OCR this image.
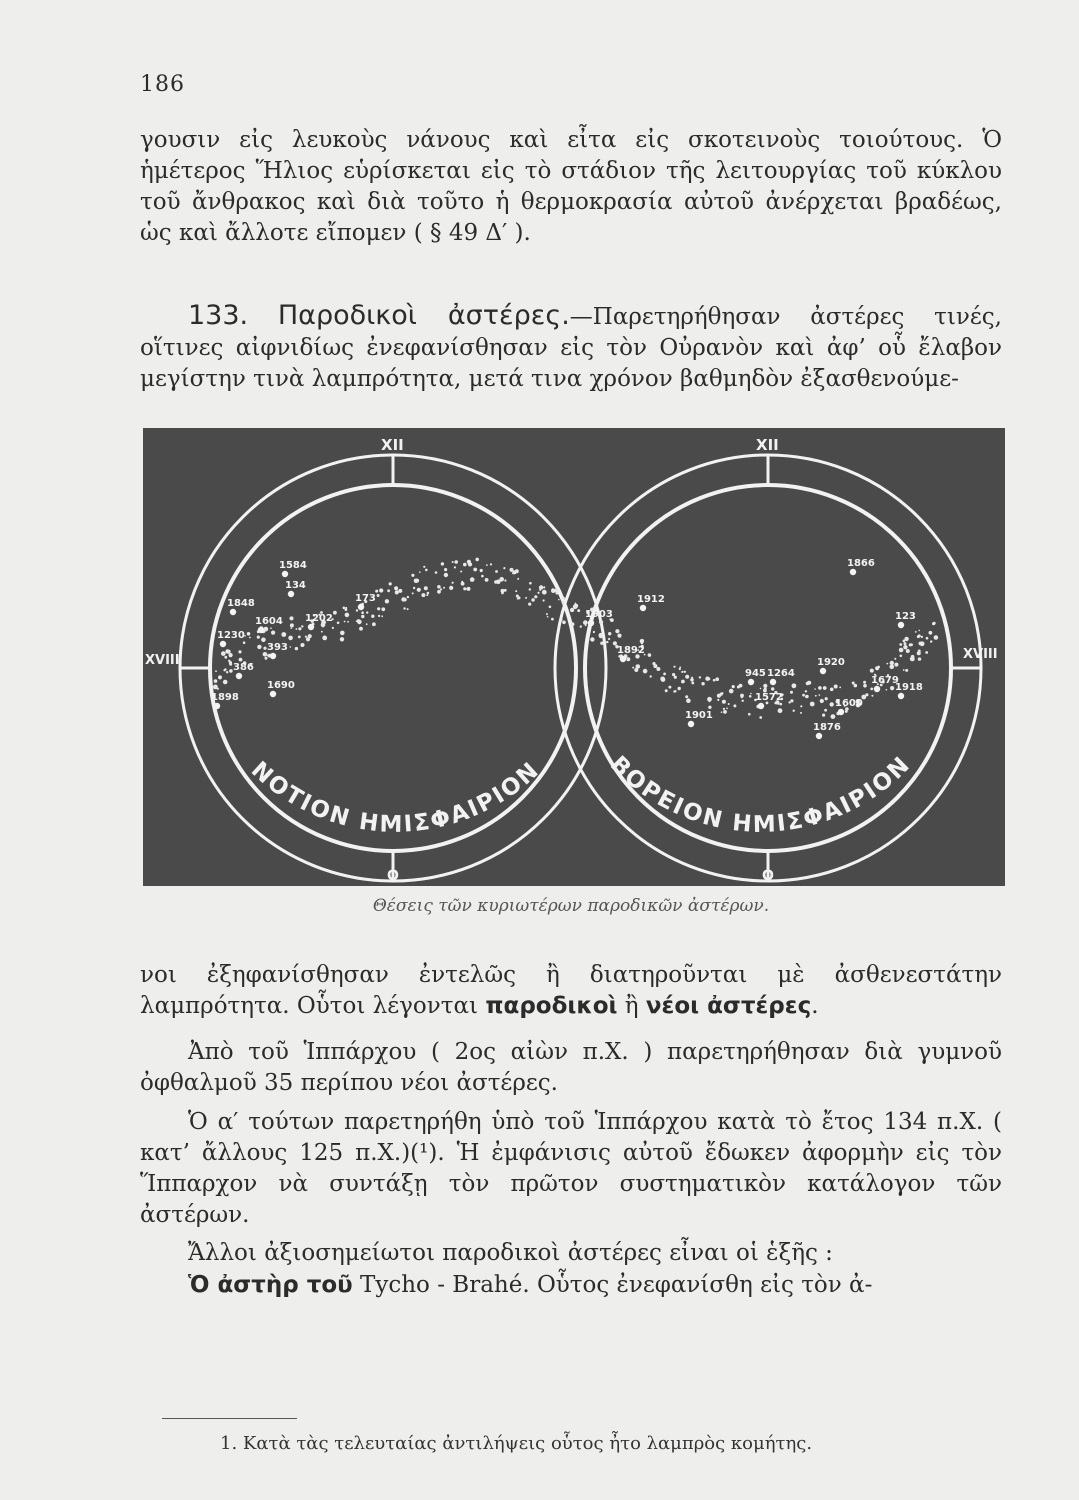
186

γουσιν εἰς λευκοὺς νάνους καὶ εἶτα εἰς σκοτεινοὺς τοιούτους. Ὁ ἡμέτερος Ἥλιος εὑρίσκεται εἰς τὸ στάδιον τῆς λειτουργίας τοῦ κύκλου τοῦ ἄνθρακος καὶ διὰ τοῦτο ἡ θερμοκρασία αὐτοῦ ἀνέρχεται βραδέως, ὡς καὶ ἄλλοτε εἴπομεν ( § 49 Δ′ ).

133. Παροδικοὶ ἀστέρες.—Παρετηρήθησαν ἀστέρες τινές, οἵτινες αἰφνιδίως ἐνεφανίσθησαν εἰς τὸν Οὐρανὸν καὶ ἀφ’ οὗ ἔλαβον μεγίστην τινὰ λαμπρότητα, μετά τινα χρόνον βαθμηδὸν ἐξασθενούμε-

XII	XII
XVIII	XVIII
O	O
ΝΟΤΙΟΝ ΗΜΙΣΦΑΙΡΙΟΝ	ΒΟΡΕΙΟΝ ΗΜΙΣΦΑΙΡΙΟΝ
1584
134
1848
1604 1202
173
1230
393
386
1898
1690
1866
1912
1903	123
1892
1920
945 1264
1572
1679
1918
1600
1901
1876
Θέσεις τῶν κυριωτέρων παροδικῶν ἀστέρων.

νοι ἐξηφανίσθησαν ἐντελῶς ἢ διατηροῦνται μὲ ἀσθενεστάτην λαμπρότητα. Οὗτοι λέγονται παροδικοὶ ἢ νέοι ἀστέρες.

Ἀπὸ τοῦ Ἱππάρχου ( 2ος αἰὼν π.Χ. ) παρετηρήθησαν διὰ γυμνοῦ ὀφθαλμοῦ 35 περίπου νέοι ἀστέρες.

Ὁ α′ τούτων παρετηρήθη ὑπὸ τοῦ Ἱππάρχου κατὰ τὸ ἔτος 134 π.Χ. ( κατ’ ἄλλους 125 π.Χ.)(¹). Ἡ ἐμφάνισις αὐτοῦ ἔδωκεν ἀφορμὴν εἰς τὸν Ἵππαρχον νὰ συντάξῃ τὸν πρῶτον συστηματικὸν κατάλογον τῶν ἀστέρων.

Ἄλλοι ἀξιοσημείωτοι παροδικοὶ ἀστέρες εἶναι οἱ ἑξῆς :

Ὁ ἀστὴρ τοῦ Tycho - Brahé. Οὗτος ἐνεφανίσθη εἰς τὸν ἀ-

1. Κατὰ τὰς τελευταίας ἀντιλήψεις οὗτος ἦτο λαμπρὸς κομήτης.
